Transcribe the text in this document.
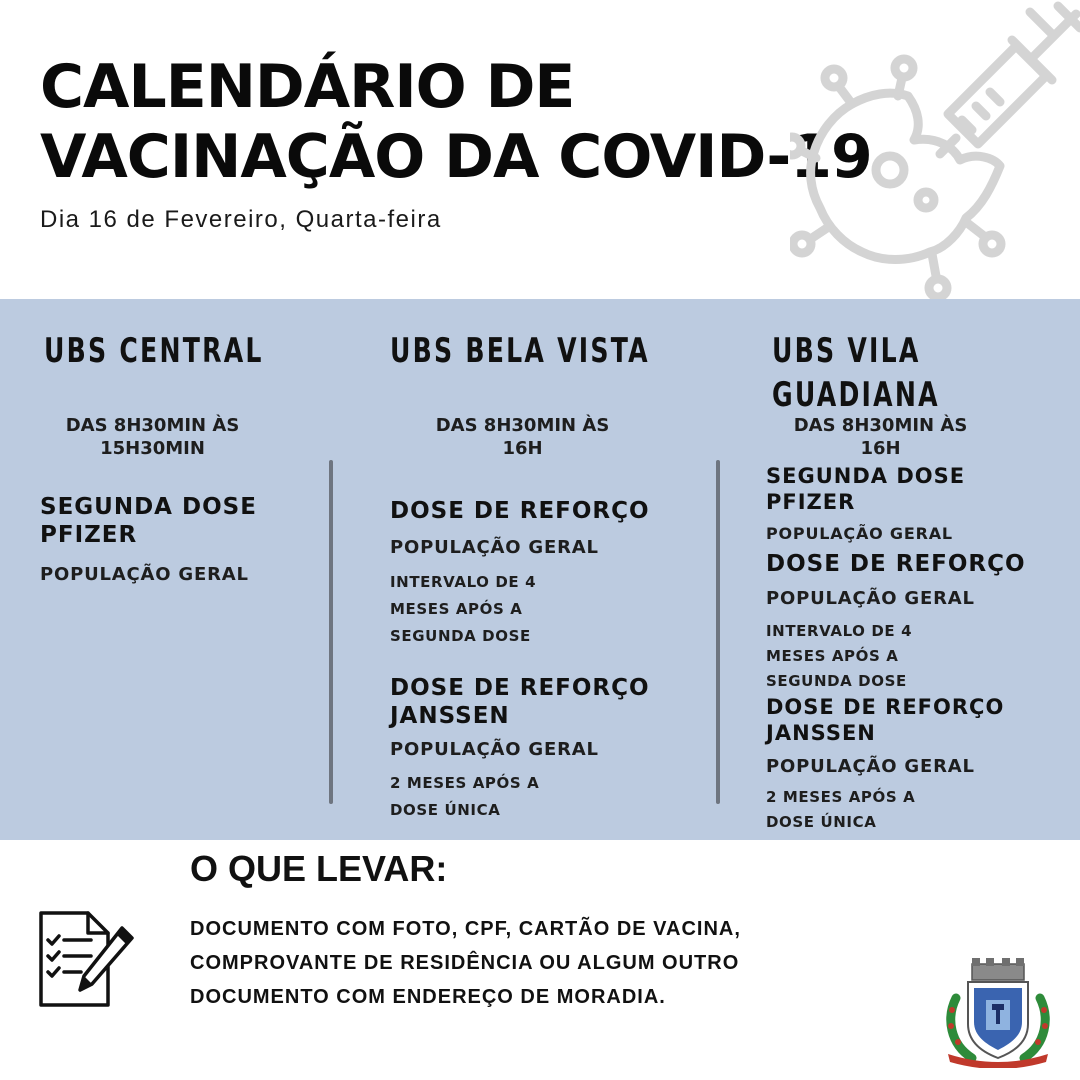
CALENDÁRIO DE
VACINAÇÃO DA COVID-19
Dia 16 de Fevereiro, Quarta-feira
UBS CENTRAL
DAS 8H30MIN ÀS
15H30MIN
SEGUNDA DOSE
PFIZER
POPULAÇÃO GERAL
UBS BELA VISTA
DAS 8H30MIN ÀS
16H
DOSE DE REFORÇO
POPULAÇÃO GERAL
INTERVALO DE 4
MESES APÓS A
SEGUNDA DOSE
DOSE DE REFORÇO
JANSSEN
POPULAÇÃO GERAL
2 MESES APÓS A
DOSE ÚNICA
UBS VILA
GUADIANA
DAS 8H30MIN ÀS
16H
SEGUNDA DOSE
PFIZER
POPULAÇÃO GERAL
DOSE DE REFORÇO
POPULAÇÃO GERAL
INTERVALO DE 4
MESES APÓS A
SEGUNDA DOSE
DOSE DE REFORÇO
JANSSEN
POPULAÇÃO GERAL
2 MESES APÓS A
DOSE ÚNICA
O QUE LEVAR:
DOCUMENTO COM FOTO, CPF, CARTÃO DE VACINA,
COMPROVANTE DE RESIDÊNCIA OU ALGUM OUTRO
DOCUMENTO COM ENDEREÇO DE MORADIA.
